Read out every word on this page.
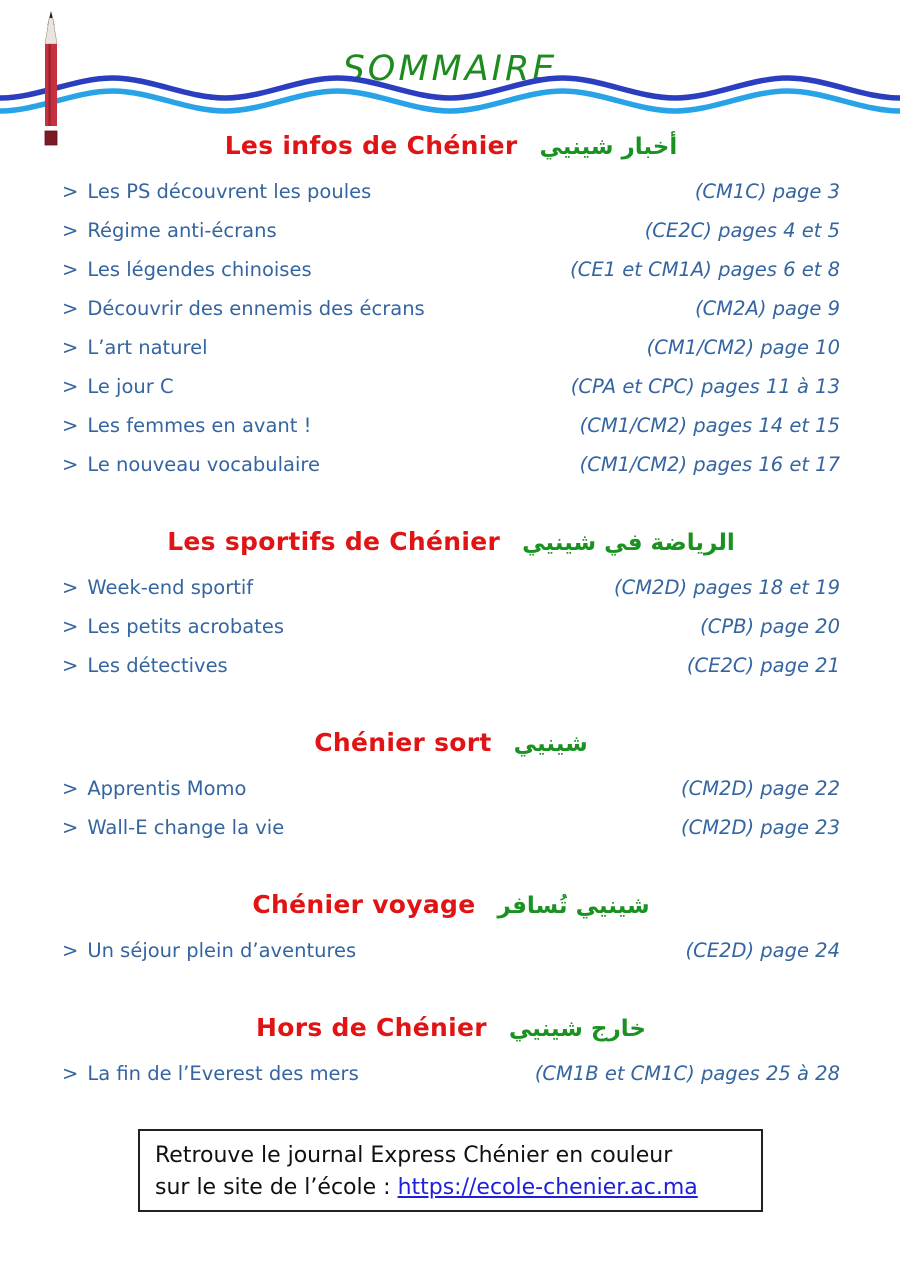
SOMMAIRE
Les infos de Chénier أخبار شينيي
> Les PS découvrent les poules	(CM1C) page 3
> Régime anti-écrans	(CE2C) pages 4 et 5
> Les légendes chinoises	(CE1 et CM1A) pages 6 et 8
> Découvrir des ennemis des écrans	(CM2A) page 9
> L’art naturel	(CM1/CM2) page 10
> Le jour C	(CPA et CPC) pages 11 à 13
> Les femmes en avant !	(CM1/CM2) pages 14 et 15
> Le nouveau vocabulaire	(CM1/CM2) pages 16 et 17
Les sportifs de Chénier الرياضة في شينيي
> Week-end sportif	(CM2D) pages 18 et 19
> Les petits acrobates	(CPB) page 20
> Les détectives	(CE2C) page 21
Chénier sort شينيي
> Apprentis Momo	(CM2D) page 22
> Wall-E change la vie	(CM2D) page 23
Chénier voyage شينيي تُسافر
> Un séjour plein d’aventures	(CE2D) page 24
Hors de Chénier خارج شينيي
> La fin de l’Everest des mers	(CM1B et CM1C) pages 25 à 28
Retrouve le journal Express Chénier en couleur
sur le site de l’école : https://ecole-chenier.ac.ma
